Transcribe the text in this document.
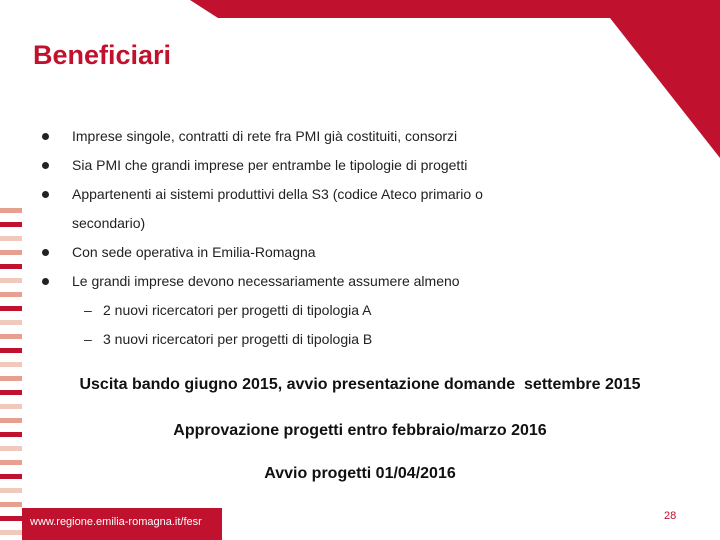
Beneficiari
Imprese singole, contratti di rete fra PMI già costituiti, consorzi
Sia PMI che grandi imprese per entrambe le tipologie di progetti
Appartenenti ai sistemi produttivi della S3 (codice Ateco primario o secondario)
Con sede operativa in Emilia-Romagna
Le grandi imprese devono necessariamente assumere almeno
– 2 nuovi ricercatori per progetti di tipologia A
– 3 nuovi ricercatori per progetti di tipologia B
Uscita bando giugno 2015, avvio presentazione domande  settembre 2015
Approvazione progetti entro febbraio/marzo 2016
Avvio progetti 01/04/2016
www.regione.emilia-romagna.it/fesr	28
